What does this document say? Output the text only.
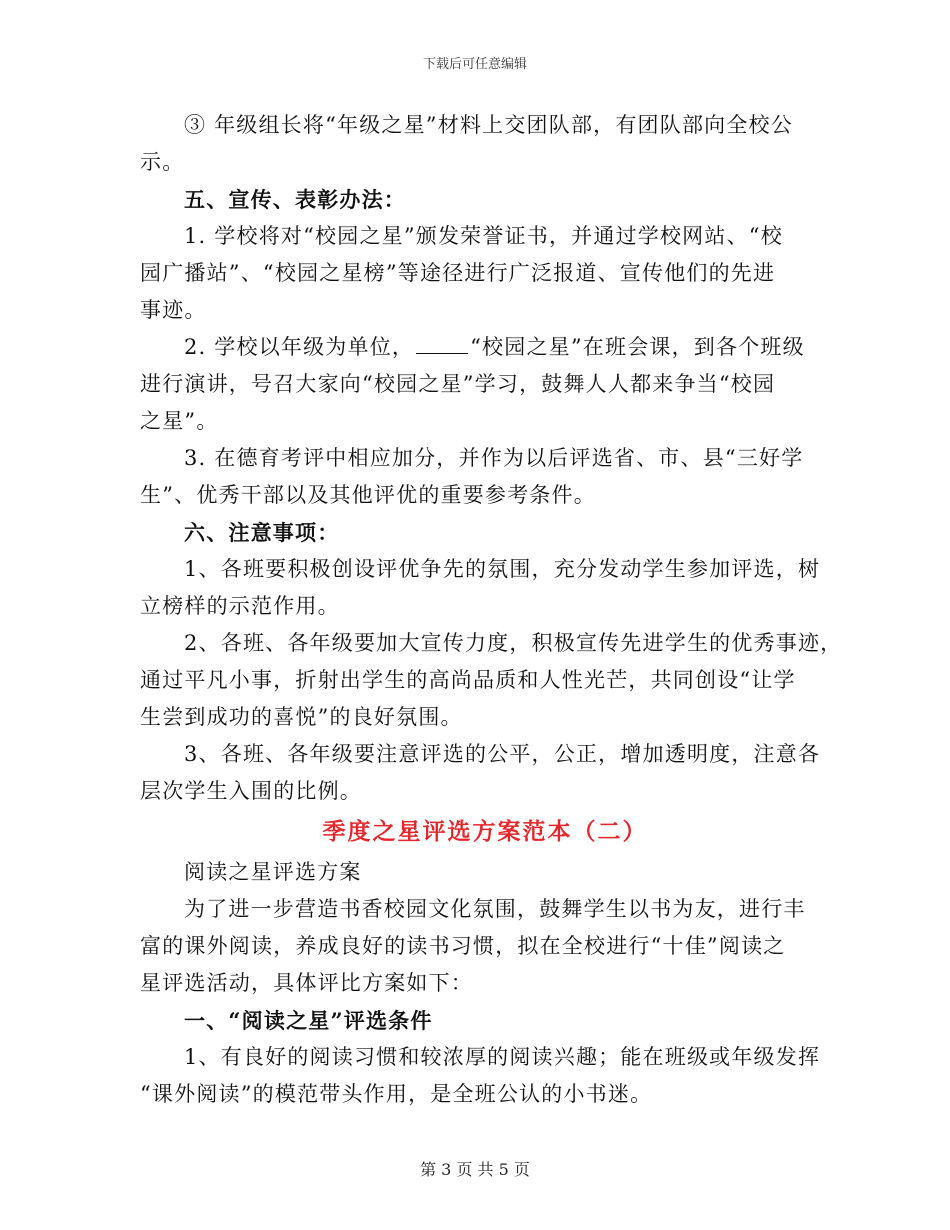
下载后可任意编辑
③ 年级组长将“年级之星”材料上交团队部，有团队部向全校公
示。
五、宣传、表彰办法：
1. 学校将对“校园之星”颁发荣誉证书，并通过学校网站、“校
园广播站”、“校园之星榜”等途径进行广泛报道、宣传他们的先进
事迹。
2. 学校以年级为单位，	“校园之星”在班会课，到各个班级
进行演讲，号召大家向“校园之星”学习，鼓舞人人都来争当“校园
之星”。
3. 在德育考评中相应加分，并作为以后评选省、市、县“三好学
生”、优秀干部以及其他评优的重要参考条件。
六、注意事项：
1、各班要积极创设评优争先的氛围，充分发动学生参加评选，树
立榜样的示范作用。
2、各班、各年级要加大宣传力度，积极宣传先进学生的优秀事迹，
通过平凡小事，折射出学生的高尚品质和人性光芒，共同创设“让学
生尝到成功的喜悦”的良好氛围。
3、各班、各年级要注意评选的公平，公正，增加透明度，注意各
层次学生入围的比例。
季度之星评选方案范本（二）
阅读之星评选方案
为了进一步营造书香校园文化氛围，鼓舞学生以书为友，进行丰
富的课外阅读，养成良好的读书习惯，拟在全校进行“十佳”阅读之
星评选活动，具体评比方案如下：
一、“阅读之星”评选条件
1、有良好的阅读习惯和较浓厚的阅读兴趣；能在班级或年级发挥
“课外阅读”的模范带头作用，是全班公认的小书迷。
第 3 页 共 5 页
